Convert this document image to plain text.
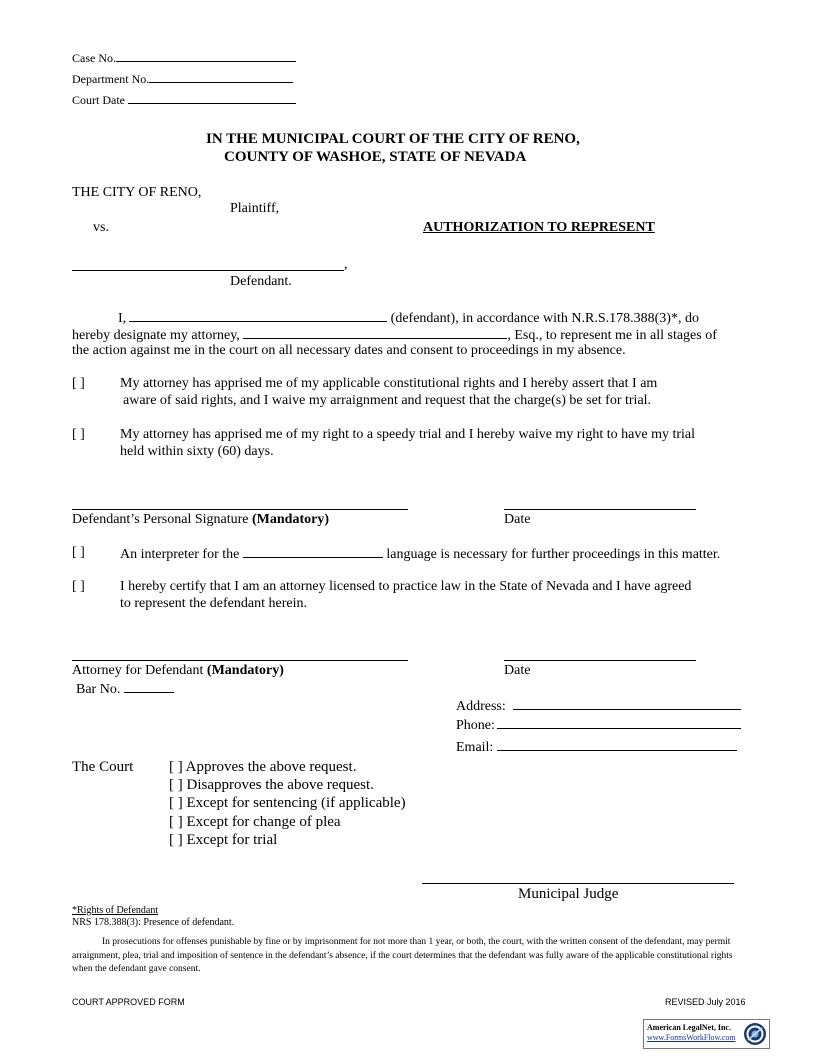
Case No.
Department No.
Court Date
IN THE MUNICIPAL COURT OF THE CITY OF RENO,
COUNTY OF WASHOE, STATE OF NEVADA
THE CITY OF RENO,
Plaintiff,
vs.	AUTHORIZATION TO REPRESENT
,
Defendant.
I,	(defendant), in accordance with N.R.S.178.388(3)*, do
hereby designate my attorney,	, Esq., to represent me in all stages of
the action against me in the court on all necessary dates and consent to proceedings in my absence.
[ ]	My attorney has apprised me of my applicable constitutional rights and I hereby assert that I am
aware of said rights, and I waive my arraignment and request that the charge(s) be set for trial.
[ ]	My attorney has apprised me of my right to a speedy trial and I hereby waive my right to have my trial
held within sixty (60) days.
Defendant’s Personal Signature (Mandatory)	Date
[ ]	An interpreter for the	language is necessary for further proceedings in this matter.
[ ]	I hereby certify that I am an attorney licensed to practice law in the State of Nevada and I have agreed
to represent the defendant herein.
Attorney for Defendant (Mandatory)	Date
Bar No.
Address:
Phone:
Email:
The Court [ ] Approves the above request.
[ ] Disapproves the above request.
[ ] Except for sentencing (if applicable)
[ ] Except for change of plea
[ ] Except for trial
Municipal Judge
*Rights of Defendant
NRS 178.388(3): Presence of defendant.
In prosecutions for offenses punishable by fine or by imprisonment for not more than 1 year, or both, the court, with the written consent of the defendant, may permit arraignment, plea, trial and imposition of sentence in the defendant’s absence, if the court determines that the defendant was fully aware of the applicable constitutional rights when the defendant gave consent.
COURT APPROVED FORM	REVISED July 2016
American LegalNet, Inc.
www.FormsWorkFlow.com
